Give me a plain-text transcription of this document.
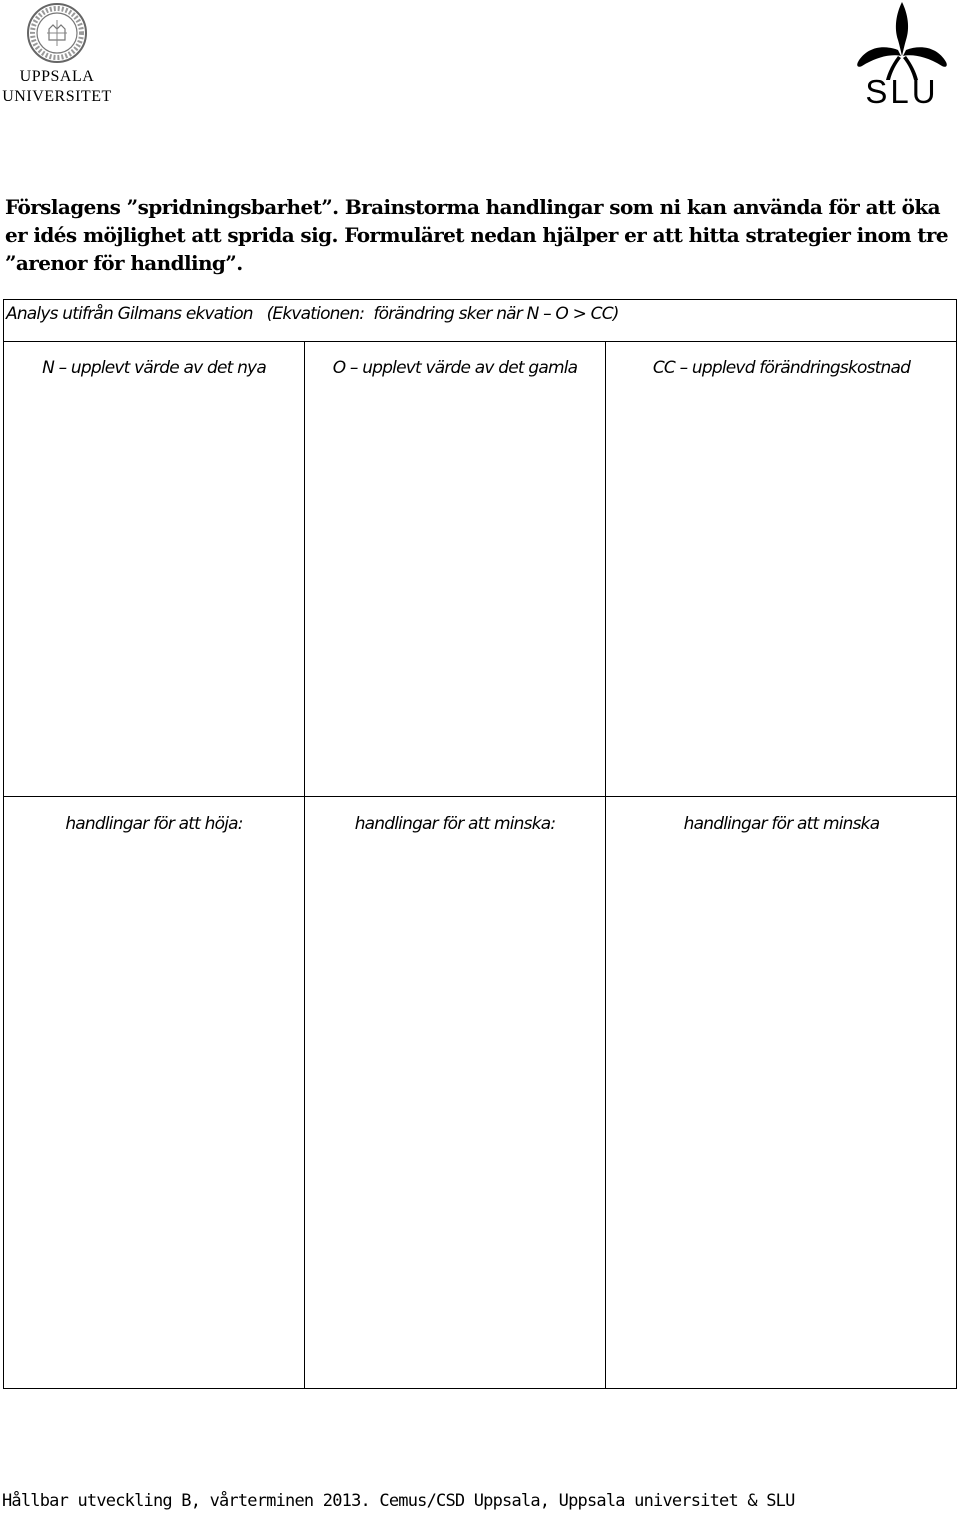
UPPSALA
UNIVERSITET	SLU
Förslagens ”spridningsbarhet”. Brainstorma handlingar som ni kan använda för att öka er idés möjlighet att sprida sig. Formuläret nedan hjälper er att hitta strategier inom tre ”arenor för handling”.
Analys utifrån Gilmans ekvation   (Ekvationen:  förändring sker när N – O > CC)
N – upplevt värde av det nya	O – upplevt värde av det gamla	CC – upplevd förändringskostnad
handlingar för att höja:	handlingar för att minska:	handlingar för att minska
Hållbar utveckling B, vårterminen 2013. Cemus/CSD Uppsala, Uppsala universitet & SLU
